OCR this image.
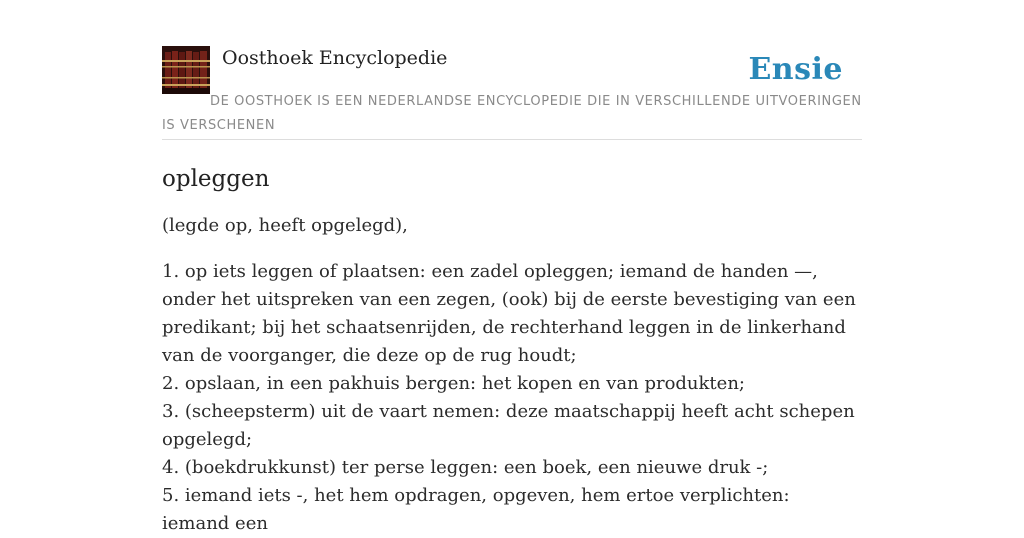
Oosthoek Encyclopedie	Ensie
DE OOSTHOEK IS EEN NEDERLANDSE ENCYCLOPEDIE DIE IN VERSCHILLENDE UITVOERINGEN IS VERSCHENEN
opleggen

(legde op, heeft opgelegd),

1. op iets leggen of plaatsen: een zadel opleggen; iemand de handen —, onder het uitspreken van een zegen, (ook) bij de eerste bevestiging van een predikant; bij het schaatsenrijden, de rechterhand leggen in de linkerhand van de voorganger, die deze op de rug houdt;
2. opslaan, in een pakhuis bergen: het kopen en van produkten;
3. (scheepsterm) uit de vaart nemen: deze maatschappij heeft acht schepen opgelegd;
4. (boekdrukkunst) ter perse leggen: een boek, een nieuwe druk -;
5. iemand iets -, het hem opdragen, opgeven, hem ertoe verplichten: iemand een
